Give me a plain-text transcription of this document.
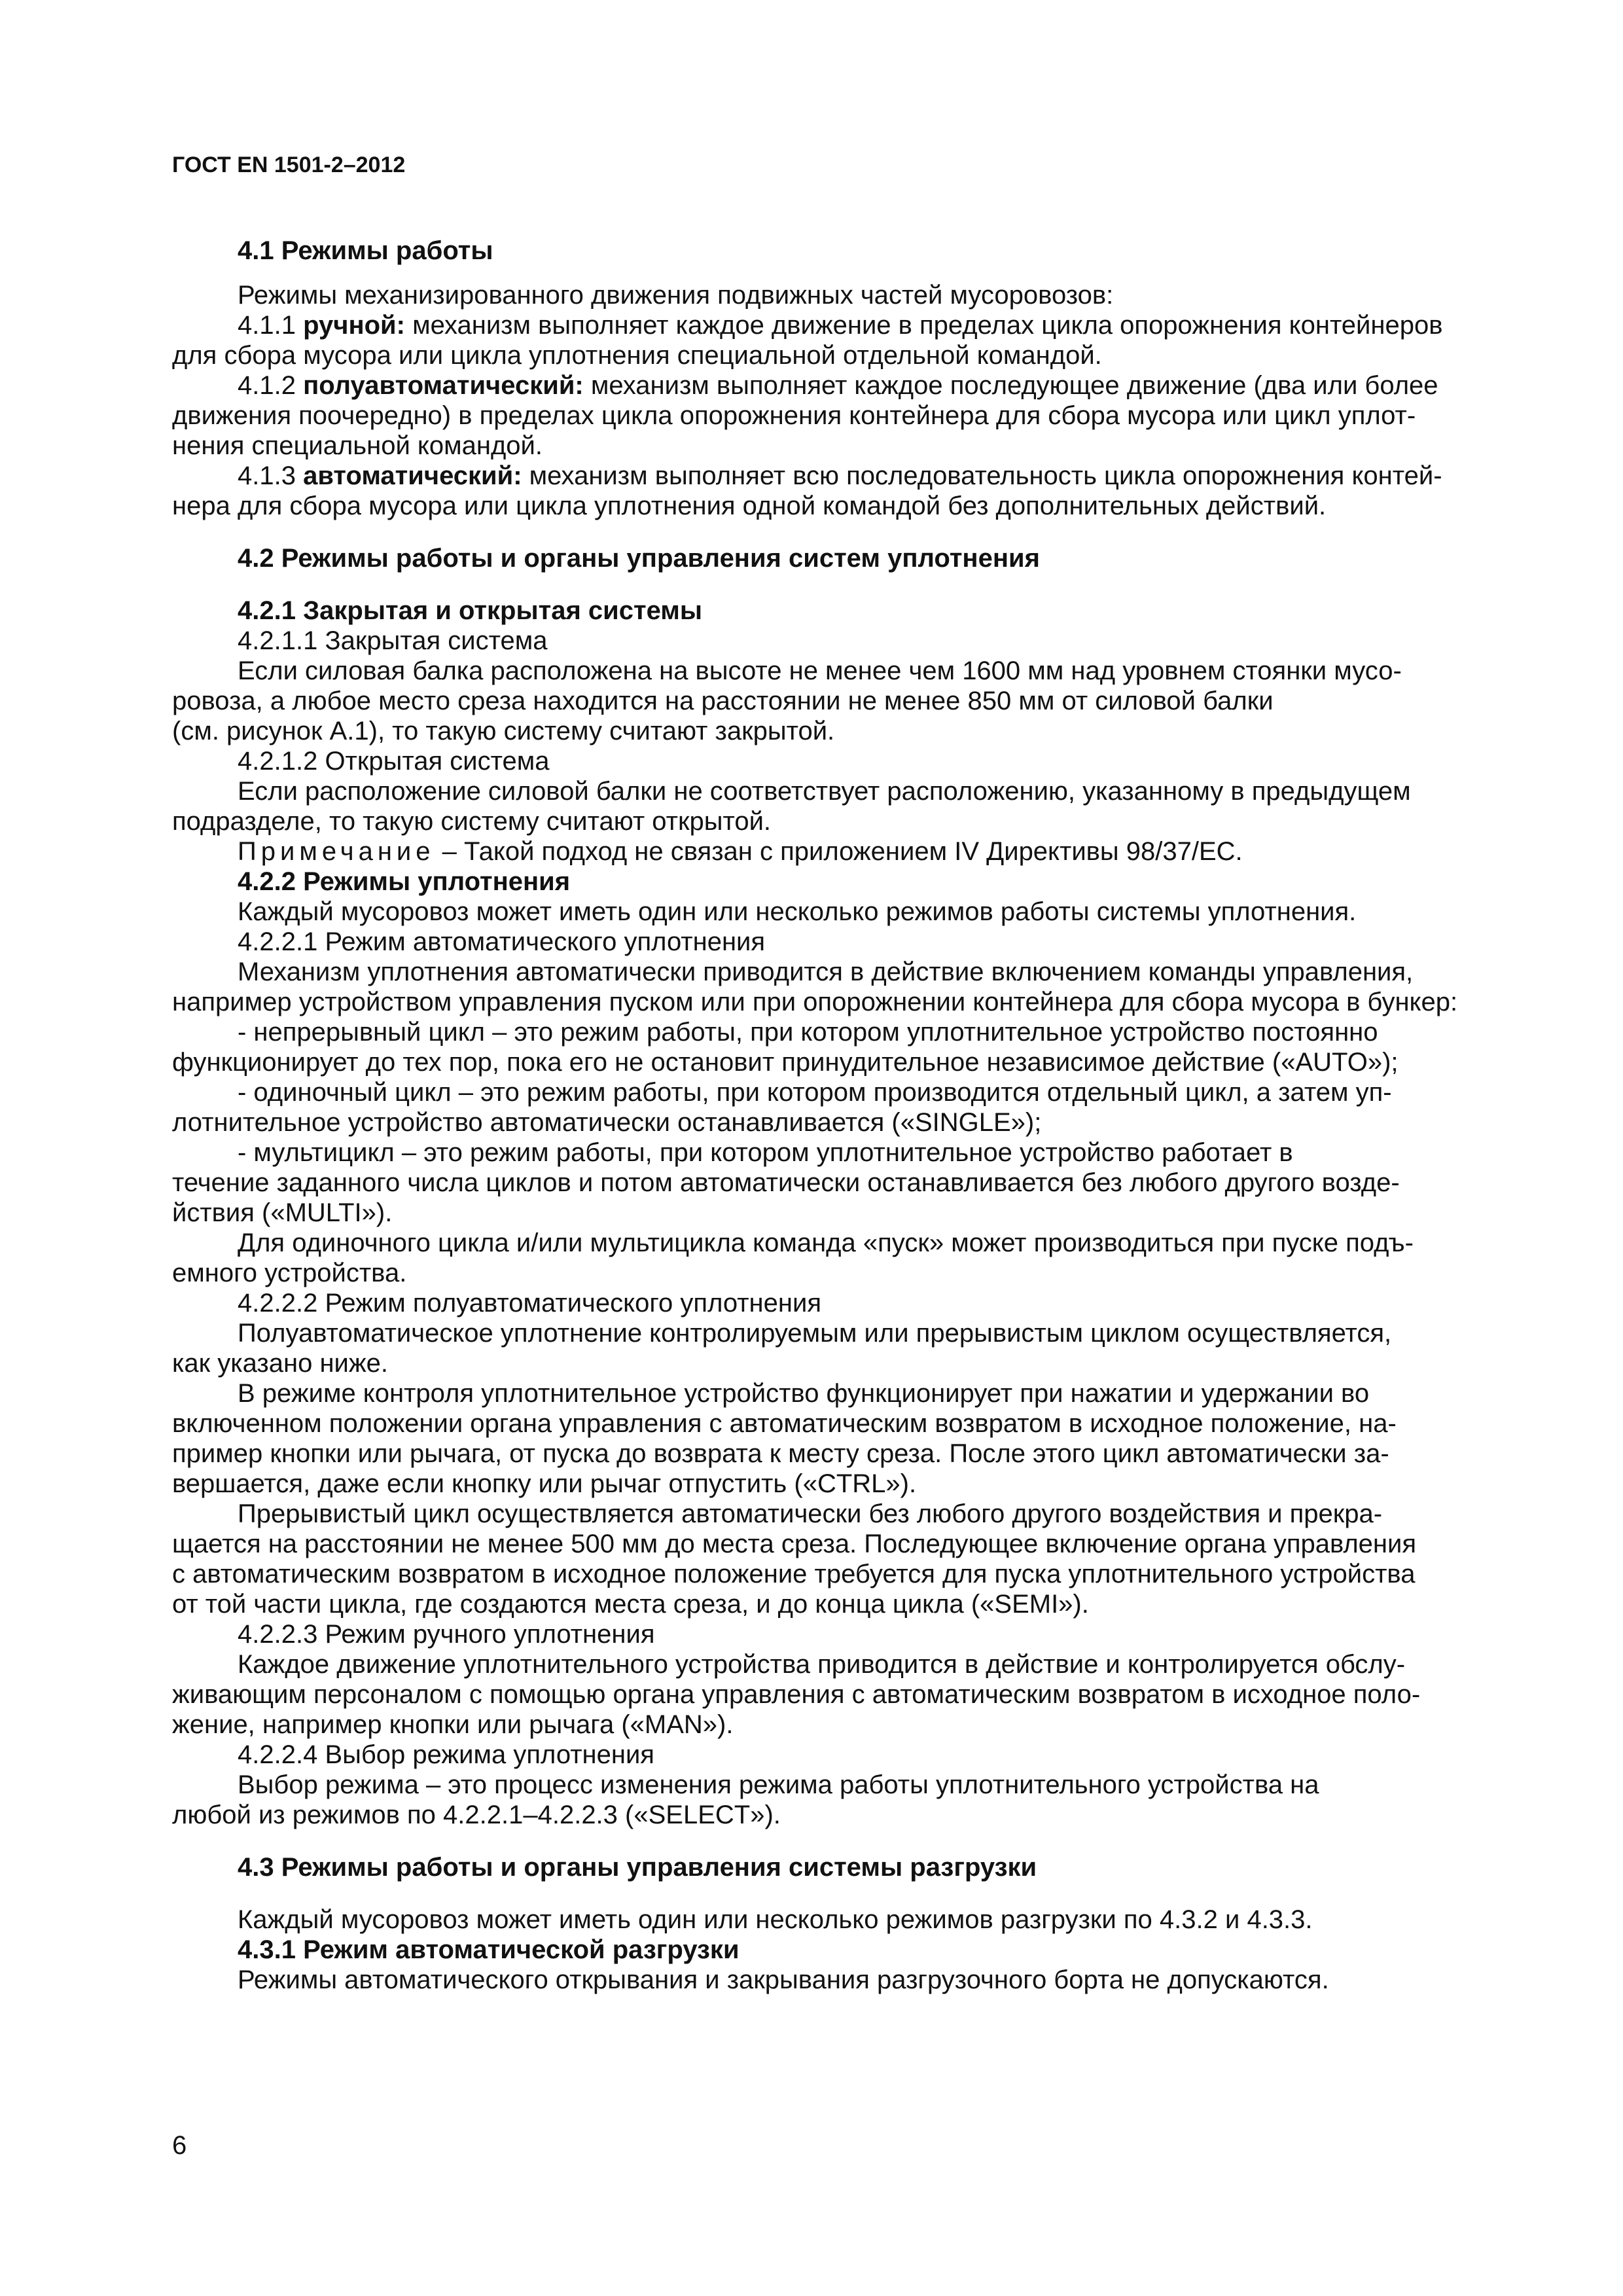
ГОСТ EN 1501-2–2012
4.1 Режимы работы
Режимы механизированного движения подвижных частей мусоровозов:
4.1.1 ручной: механизм выполняет каждое движение в пределах цикла опорожнения контейнеров
для сбора мусора или цикла уплотнения специальной отдельной командой.
4.1.2 полуавтоматический: механизм выполняет каждое последующее движение (два или более
движения поочередно) в пределах цикла опорожнения контейнера для сбора мусора или цикл уплот-
нения специальной командой.
4.1.3 автоматический: механизм выполняет всю последовательность цикла опорожнения контей-
нера для сбора мусора или цикла уплотнения одной командой без дополнительных действий.
4.2 Режимы работы и органы управления систем уплотнения
4.2.1 Закрытая и открытая системы
4.2.1.1 Закрытая система
Если силовая балка расположена на высоте не менее чем 1600 мм над уровнем стоянки мусо-
ровоза, а любое место среза находится на расстоянии не менее 850 мм от силовой балки
(см. рисунок А.1), то такую систему считают закрытой.
4.2.1.2 Открытая система
Если расположение силовой балки не соответствует расположению, указанному в предыдущем
подразделе, то такую систему считают открытой.
Примечание – Такой подход не связан с приложением IV Директивы 98/37/ЕС.
4.2.2 Режимы уплотнения
Каждый мусоровоз может иметь один или несколько режимов работы системы уплотнения.
4.2.2.1 Режим автоматического уплотнения
Механизм уплотнения автоматически приводится в действие включением команды управления,
например устройством управления пуском или при опорожнении контейнера для сбора мусора в бункер:
- непрерывный цикл – это режим работы, при котором уплотнительное устройство постоянно
функционирует до тех пор, пока его не остановит принудительное независимое действие («AUTO»);
- одиночный цикл – это режим работы, при котором производится отдельный цикл, а затем уп-
лотнительное устройство автоматически останавливается («SINGLE»);
- мультицикл – это режим работы, при котором уплотнительное устройство работает в
течение заданного числа циклов и потом автоматически останавливается без любого другого возде-
йствия («MULTI»).
Для одиночного цикла и/или мультицикла команда «пуск» может производиться при пуске подъ-
емного устройства.
4.2.2.2 Режим полуавтоматического уплотнения
Полуавтоматическое уплотнение контролируемым или прерывистым циклом осуществляется,
как указано ниже.
В режиме контроля уплотнительное устройство функционирует при нажатии и удержании во
включенном положении органа управления с автоматическим возвратом в исходное положение, на-
пример кнопки или рычага, от пуска до возврата к месту среза. После этого цикл автоматически за-
вершается, даже если кнопку или рычаг отпустить («CTRL»).
Прерывистый цикл осуществляется автоматически без любого другого воздействия и прекра-
щается на расстоянии не менее 500 мм до места среза. Последующее включение органа управления
с автоматическим возвратом в исходное положение требуется для пуска уплотнительного устройства
от той части цикла, где создаются места среза, и до конца цикла («SEMI»).
4.2.2.3 Режим ручного уплотнения
Каждое движение уплотнительного устройства приводится в действие и контролируется обслу-
живающим персоналом с помощью органа управления с автоматическим возвратом в исходное поло-
жение, например кнопки или рычага («MAN»).
4.2.2.4 Выбор режима уплотнения
Выбор режима – это процесс изменения режима работы уплотнительного устройства на
любой из режимов по 4.2.2.1–4.2.2.3 («SELECT»).
4.3 Режимы работы и органы управления системы разгрузки
Каждый мусоровоз может иметь один или несколько режимов разгрузки по 4.3.2 и 4.3.3.
4.3.1 Режим автоматической разгрузки
Режимы автоматического открывания и закрывания разгрузочного борта не допускаются.
6
